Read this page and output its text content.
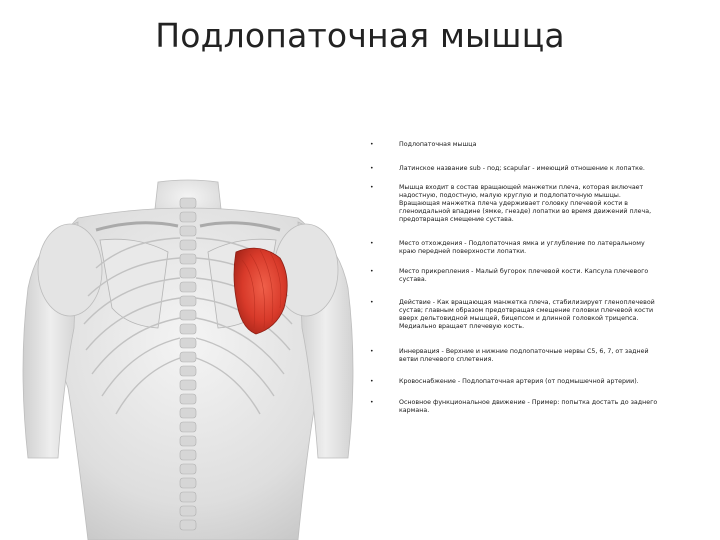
Подлопаточная мышца
•	Подлопаточная мышца
•	Латинское название sub - под; scapular - имеющий отношение к лопатке.
•	Мышца входит в состав вращающей манжетки плеча, которая включает надостную, подостную, малую круглую и подлопаточную мышцы. Вращающая манжетка плеча удерживает головку плечевой кости в гленоидальной впадине (ямке, гнезде) лопатки во время движений плеча, предотвращая смещение сустава.
•	Место отхождения - Подлопаточная ямка и углубление по латеральному краю передней поверхности лопатки.
•	Место прикрепления - Малый бугорок плечевой кости. Капсула плечевого сустава.
•	Действие - Как вращающая манжетка плеча, стабилизирует гленоплечевой сустав; главным образом предотвращая смещение головки плечевой кости вверх дельтовидной мышцей, бицепсом и длинной головкой трицепса. Медиально вращает плечевую кость.
•	Иннервация - Верхние и нижние подлопаточные нервы C5, 6, 7, от задней ветви плечевого сплетения.
•	Кровоснабжение - Подлопаточная артерия (от подмышечной артерии).
•	Основное функциональное движение - Пример: попытка достать до заднего кармана.
